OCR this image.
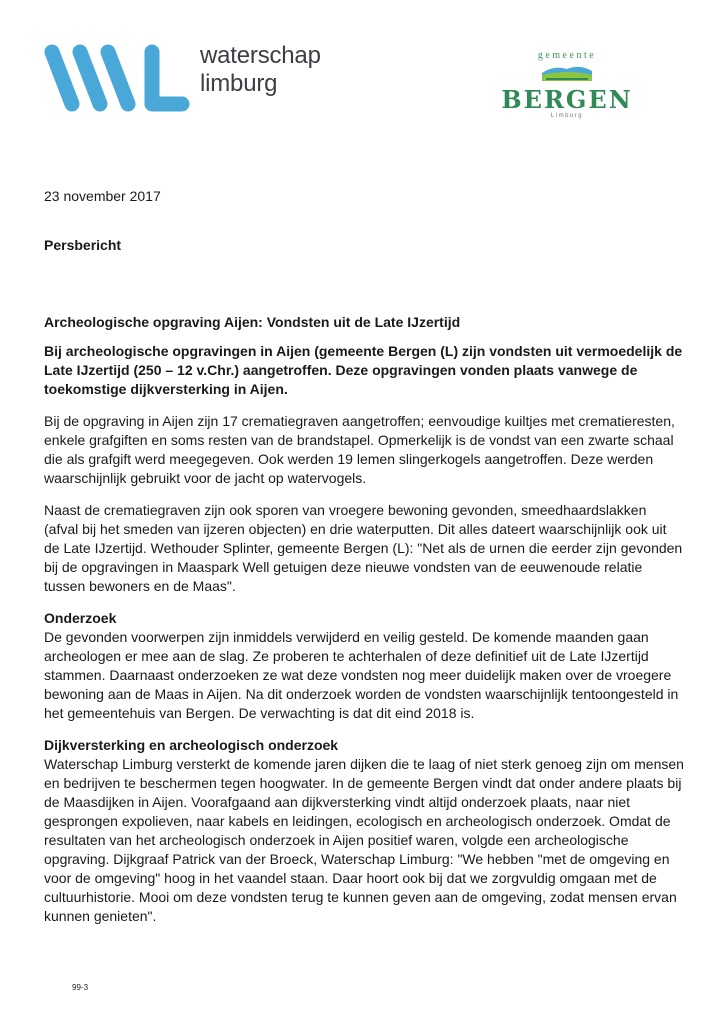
waterschap
limburg
gemeente
BERGEN
Limburg
23 november 2017
Persbericht
Archeologische opgraving Aijen: Vondsten uit de Late IJzertijd

Bij archeologische opgravingen in Aijen (gemeente Bergen (L) zijn vondsten uit vermoedelijk de Late IJzertijd (250 – 12 v.Chr.) aangetroffen. Deze opgravingen vonden plaats vanwege de toekomstige dijkversterking in Aijen.

Bij de opgraving in Aijen zijn 17 crematiegraven aangetroffen; eenvoudige kuiltjes met crematieresten, enkele grafgiften en soms resten van de brandstapel. Opmerkelijk is de vondst van een zwarte schaal die als grafgift werd meegegeven. Ook werden 19 lemen slingerkogels aangetroffen. Deze werden waarschijnlijk gebruikt voor de jacht op watervogels.

Naast de crematiegraven zijn ook sporen van vroegere bewoning gevonden, smeedhaardslakken (afval bij het smeden van ijzeren objecten) en drie waterputten. Dit alles dateert waarschijnlijk ook uit de Late IJzertijd. Wethouder Splinter, gemeente Bergen (L): "Net als de urnen die eerder zijn gevonden bij de opgravingen in Maaspark Well getuigen deze nieuwe vondsten van de eeuwenoude relatie tussen bewoners en de Maas".

Onderzoek

De gevonden voorwerpen zijn inmiddels verwijderd en veilig gesteld. De komende maanden gaan archeologen er mee aan de slag. Ze proberen te achterhalen of deze definitief uit de Late IJzertijd stammen. Daarnaast onderzoeken ze wat deze vondsten nog meer duidelijk maken over de vroegere bewoning aan de Maas in Aijen. Na dit onderzoek worden de vondsten waarschijnlijk tentoongesteld in het gemeentehuis van Bergen. De verwachting is dat dit eind 2018 is.

Dijkversterking en archeologisch onderzoek

Waterschap Limburg versterkt de komende jaren dijken die te laag of niet sterk genoeg zijn om mensen en bedrijven te beschermen tegen hoogwater. In de gemeente Bergen vindt dat onder andere plaats bij de Maasdijken in Aijen. Voorafgaand aan dijkversterking vindt altijd onderzoek plaats, naar niet gesprongen expolieven, naar kabels en leidingen, ecologisch en archeologisch onderzoek. Omdat de resultaten van het archeologisch onderzoek in Aijen positief waren, volgde een archeologische opgraving. Dijkgraaf Patrick van der Broeck, Waterschap Limburg: "We hebben "met de omgeving en voor de omgeving" hoog in het vaandel staan. Daar hoort ook bij dat we zorgvuldig omgaan met de cultuurhistorie. Mooi om deze vondsten terug te kunnen geven aan de omgeving, zodat mensen ervan kunnen genieten".

99-3
